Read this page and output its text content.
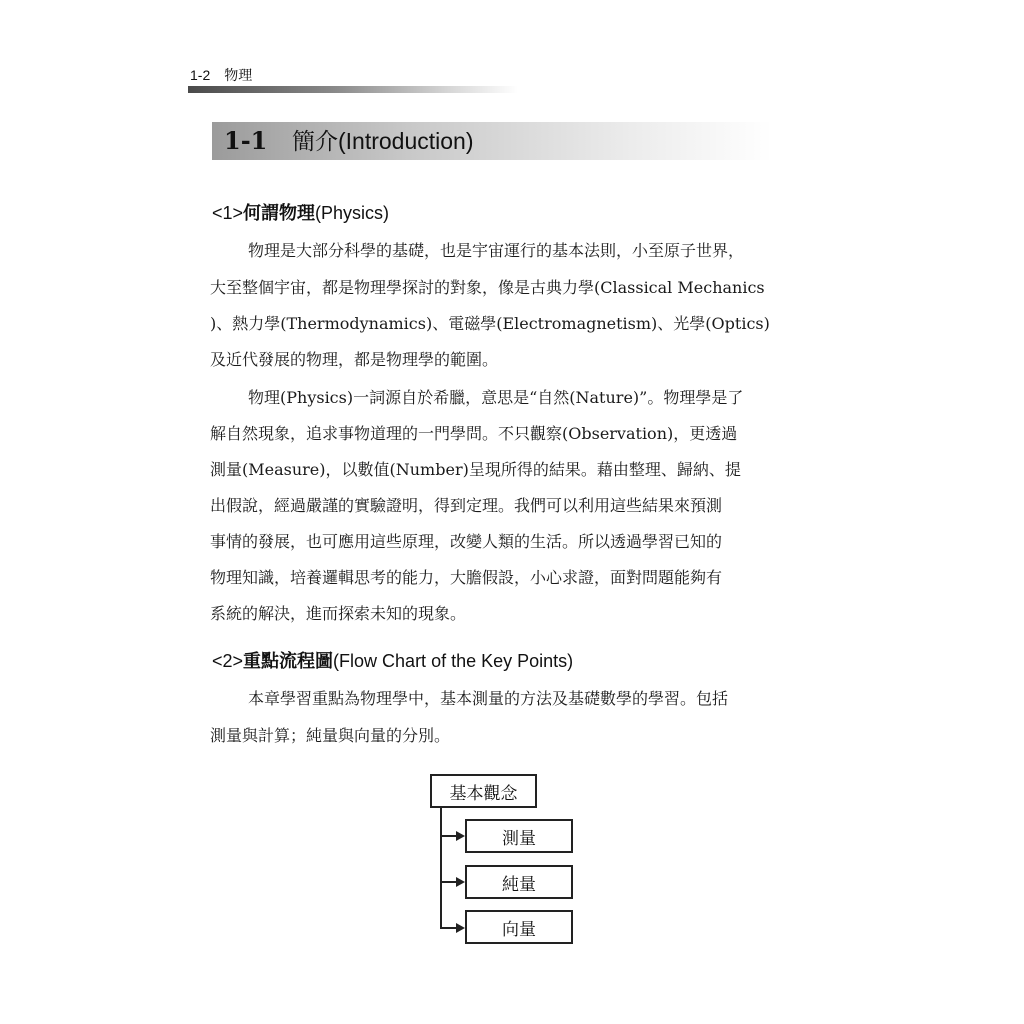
1-2 物理
1-1 簡介(Introduction)
<1>何謂物理(Physics)
物理是大部分科學的基礎，也是宇宙運行的基本法則，小至原子世界，
大至整個宇宙，都是物理學探討的對象，像是古典力學(Classical Mechanics
)、熱力學(Thermodynamics)、電磁學(Electromagnetism)、光學(Optics)
及近代發展的物理，都是物理學的範圍。
物理(Physics)一詞源自於希臘，意思是“自然(Nature)”。物理學是了
解自然現象，追求事物道理的一門學問。不只觀察(Observation)，更透過
測量(Measure)，以數值(Number)呈現所得的結果。藉由整理、歸納、提
出假說，經過嚴謹的實驗證明，得到定理。我們可以利用這些結果來預測
事情的發展，也可應用這些原理，改變人類的生活。所以透過學習已知的
物理知識，培養邏輯思考的能力，大膽假設，小心求證，面對問題能夠有
系統的解決，進而探索未知的現象。
<2>重點流程圖(Flow Chart of the Key Points)
本章學習重點為物理學中，基本測量的方法及基礎數學的學習。包括
測量與計算；純量與向量的分別。
基本觀念
測量
純量
向量
